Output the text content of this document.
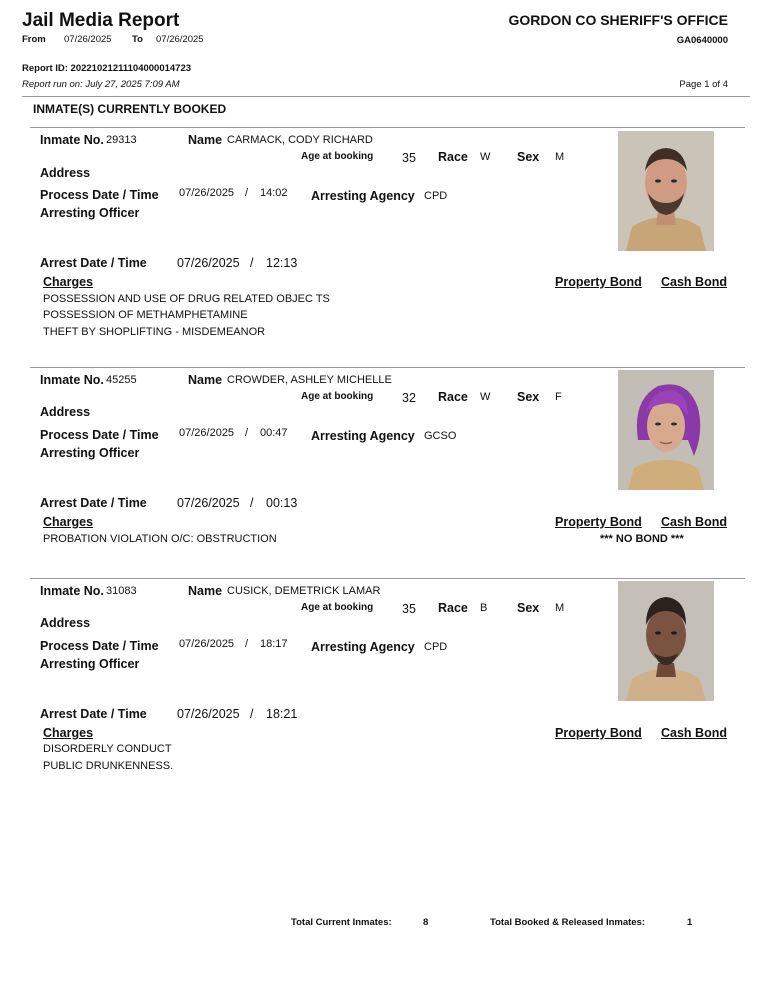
Jail Media Report	GORDON CO SHERIFF'S OFFICE
From 07/26/2025 To 07/26/2025	GA0640000
Report ID: 20221021211104000014723
Report run on: July 27, 2025 7:09 AM	Page 1 of 4
INMATE(S) CURRENTLY BOOKED
Inmate No. 29313	Name CARMACK, CODY RICHARD
Age at booking 35 Race W Sex M
Address
Process Date / Time 07/26/2025 / 14:02 Arresting Agency CPD
Arresting Officer
Arrest Date / Time 07/26/2025 / 12:13
Charges	Property Bond Cash Bond
POSSESSION AND USE OF DRUG RELATED OBJEC TS
POSSESSION OF METHAMPHETAMINE
THEFT BY SHOPLIFTING - MISDEMEANOR
Inmate No. 45255	Name CROWDER, ASHLEY MICHELLE
Age at booking 32 Race W Sex F
Address
Process Date / Time 07/26/2025 / 00:47 Arresting Agency GCSO
Arresting Officer
Arrest Date / Time 07/26/2025 / 00:13
Charges	Property Bond Cash Bond
PROBATION VIOLATION O/C: OBSTRUCTION	*** NO BOND ***
Inmate No. 31083	Name CUSICK, DEMETRICK LAMAR
Age at booking 35 Race B Sex M
Address
Process Date / Time 07/26/2025 / 18:17 Arresting Agency CPD
Arresting Officer
Arrest Date / Time 07/26/2025 / 18:21
Charges	Property Bond Cash Bond
DISORDERLY CONDUCT
PUBLIC DRUNKENNESS.
Total Current Inmates:	8	Total Booked & Released Inmates:	1
